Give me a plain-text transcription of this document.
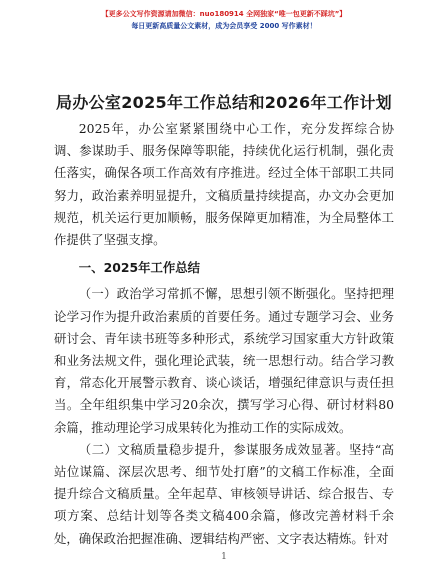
【更多公文写作资源请加微信：nuo180914 全网独家“唯一包更新不踩坑”】
每日更新高质量公文素材，成为会员享受 2000 写作素材！
局办公室2025年工作总结和2026年工作计划

2025年，办公室紧紧围绕中心工作，充分发挥综合协调、参谋助手、服务保障等职能，持续优化运行机制，强化责任落实，确保各项工作高效有序推进。经过全体干部职工共同努力，政治素养明显提升，文稿质量持续提高，办文办会更加规范，机关运行更加顺畅，服务保障更加精准，为全局整体工作提供了坚强支撑。

一、2025年工作总结

（一）政治学习常抓不懈，思想引领不断强化。坚持把理论学习作为提升政治素质的首要任务。通过专题学习会、业务研讨会、青年读书班等多种形式，系统学习国家重大方针政策和业务法规文件，强化理论武装，统一思想行动。结合学习教育，常态化开展警示教育、谈心谈话，增强纪律意识与责任担当。全年组织集中学习20余次，撰写学习心得、研讨材料80余篇，推动理论学习成果转化为推动工作的实际成效。

（二）文稿质量稳步提升，参谋服务成效显著。坚持“高站位谋篇、深层次思考、细节处打磨”的文稿工作标准，全面提升综合文稿质量。全年起草、审核领导讲话、综合报告、专项方案、总结计划等各类文稿400余篇，修改完善材料千余处，确保政治把握准确、逻辑结构严密、文字表达精炼。针对

1
